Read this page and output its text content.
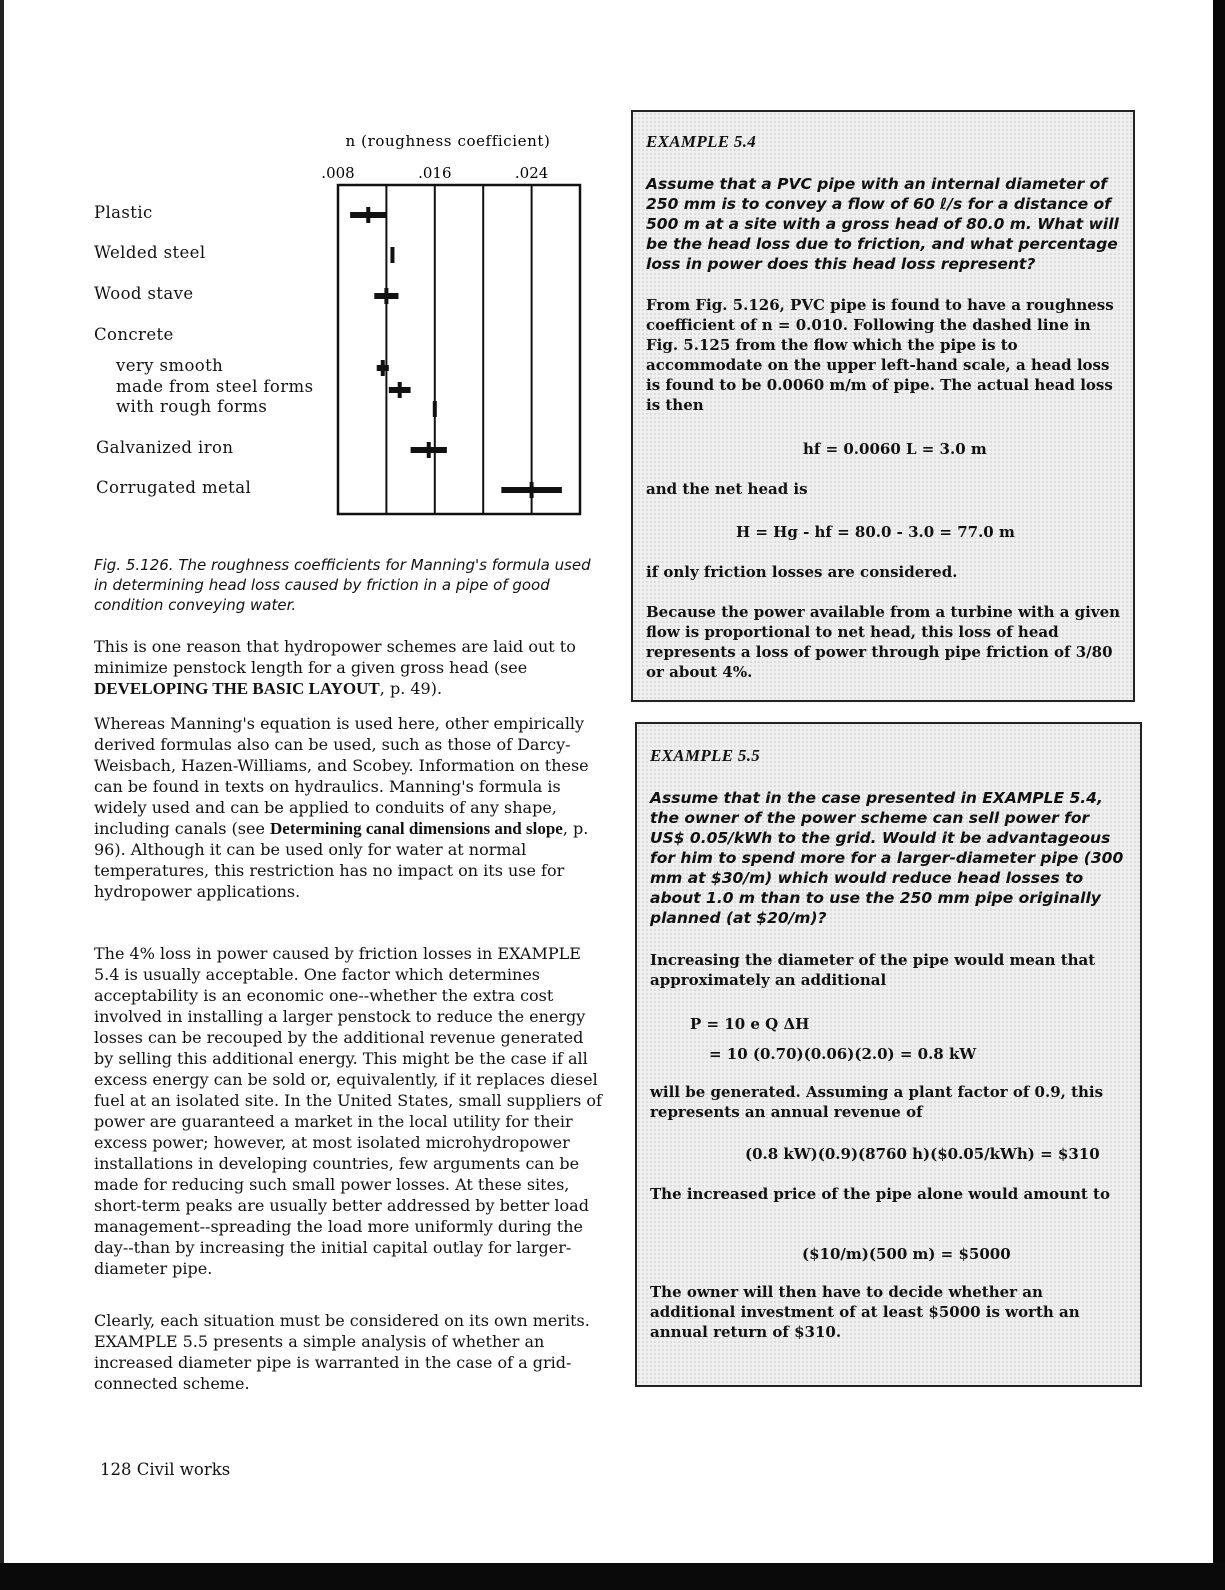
n (roughness coefficient)
.008	.016	.024
Plastic
Welded steel
Wood stave
Concrete
very smooth
made from steel forms
with rough forms
Galvanized iron
Corrugated metal
Fig. 5.126. The roughness coefficients for Manning's formula used in determining head loss caused by friction in a pipe of good condition conveying water.
This is one reason that hydropower schemes are laid out to minimize penstock length for a given gross head (see DEVELOPING THE BASIC LAYOUT, p. 49).
Whereas Manning's equation is used here, other empirically derived formulas also can be used, such as those of Darcy-Weisbach, Hazen-Williams, and Scobey. Information on these can be found in texts on hydraulics. Manning's formula is widely used and can be applied to conduits of any shape, including canals (see Determining canal dimensions and slope, p. 96). Although it can be used only for water at normal temperatures, this restriction has no impact on its use for hydropower applications.
The 4% loss in power caused by friction losses in EXAMPLE 5.4 is usually acceptable. One factor which determines acceptability is an economic one--whether the extra cost involved in installing a larger penstock to reduce the energy losses can be recouped by the additional revenue generated by selling this additional energy. This might be the case if all excess energy can be sold or, equivalently, if it replaces diesel fuel at an isolated site. In the United States, small suppliers of power are guaranteed a market in the local utility for their excess power; however, at most isolated microhydropower installations in developing countries, few arguments can be made for reducing such small power losses. At these sites, short-term peaks are usually better addressed by better load management--spreading the load more uniformly during the day--than by increasing the initial capital outlay for larger-diameter pipe.
Clearly, each situation must be considered on its own merits. EXAMPLE 5.5 presents a simple analysis of whether an increased diameter pipe is warranted in the case of a grid-connected scheme.
128 Civil works
EXAMPLE 5.4
Assume that a PVC pipe with an internal diameter of 250 mm is to convey a flow of 60 ℓ/s for a distance of 500 m at a site with a gross head of 80.0 m. What will be the head loss due to friction, and what percentage loss in power does this head loss represent?
From Fig. 5.126, PVC pipe is found to have a roughness coefficient of n = 0.010. Following the dashed line in Fig. 5.125 from the flow which the pipe is to accommodate on the upper left-hand scale, a head loss is found to be 0.0060 m/m of pipe. The actual head loss is then
hf = 0.0060 L = 3.0 m
and the net head is
H = Hg - hf = 80.0 - 3.0 = 77.0 m
if only friction losses are considered.
Because the power available from a turbine with a given flow is proportional to net head, this loss of head represents a loss of power through pipe friction of 3/80 or about 4%.
EXAMPLE 5.5
Assume that in the case presented in EXAMPLE 5.4, the owner of the power scheme can sell power for US$ 0.05/kWh to the grid. Would it be advantageous for him to spend more for a larger-diameter pipe (300 mm at $30/m) which would reduce head losses to about 1.0 m than to use the 250 mm pipe originally planned (at $20/m)?
Increasing the diameter of the pipe would mean that approximately an additional
P = 10 e Q ΔH
= 10 (0.70)(0.06)(2.0) = 0.8 kW
will be generated. Assuming a plant factor of 0.9, this represents an annual revenue of
(0.8 kW)(0.9)(8760 h)($0.05/kWh) = $310
The increased price of the pipe alone would amount to
($10/m)(500 m) = $5000
The owner will then have to decide whether an additional investment of at least $5000 is worth an annual return of $310.
